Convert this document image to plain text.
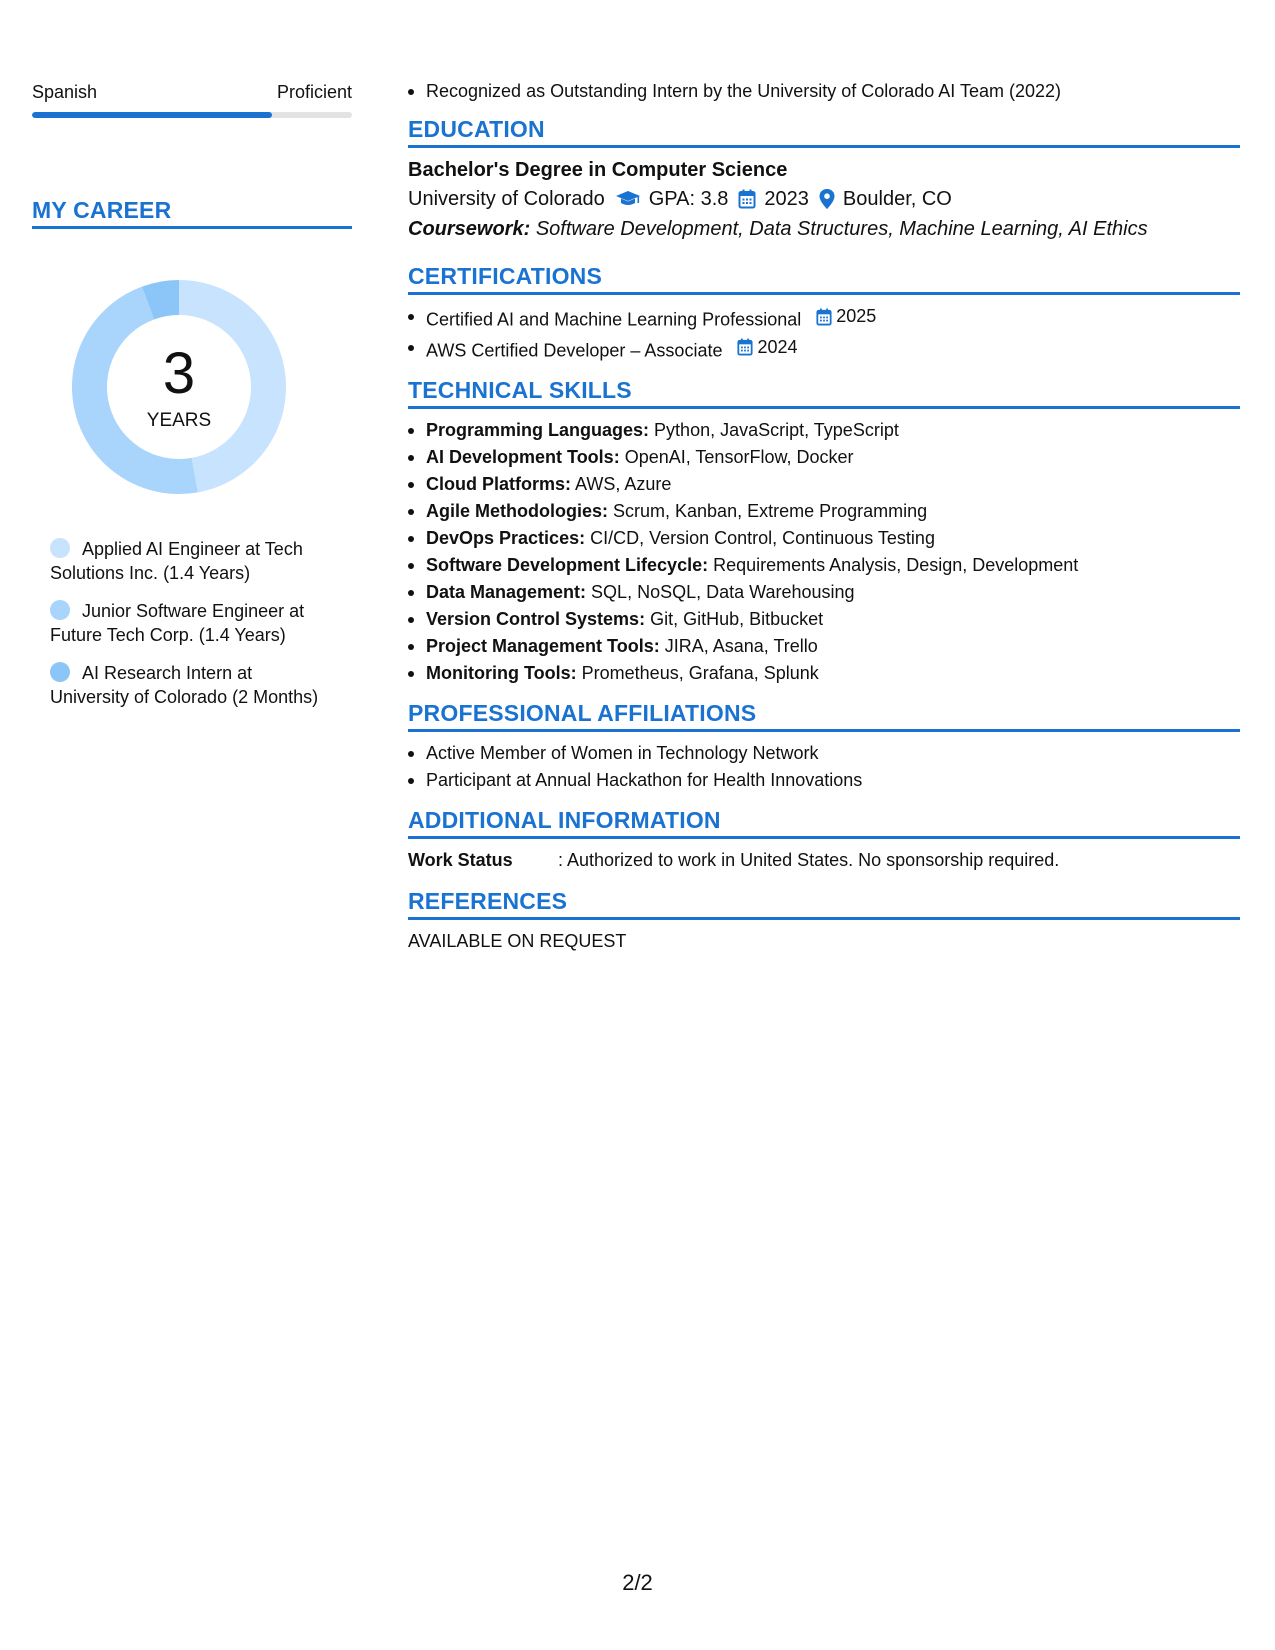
Spanish	Proficient
MY CAREER
3
YEARS
Applied AI Engineer at Tech Solutions Inc. (1.4 Years)
Junior Software Engineer at Future Tech Corp. (1.4 Years)
AI Research Intern at University of Colorado (2 Months)
Recognized as Outstanding Intern by the University of Colorado AI Team (2022)
EDUCATION
Bachelor's Degree in Computer Science
University of Colorado GPA: 3.8 2023 Boulder, CO
Coursework: Software Development, Data Structures, Machine Learning, AI Ethics
CERTIFICATIONS
Certified AI and Machine Learning Professional 2025
AWS Certified Developer – Associate 2024
TECHNICAL SKILLS
Programming Languages: Python, JavaScript, TypeScript
AI Development Tools: OpenAI, TensorFlow, Docker
Cloud Platforms: AWS, Azure
Agile Methodologies: Scrum, Kanban, Extreme Programming
DevOps Practices: CI/CD, Version Control, Continuous Testing
Software Development Lifecycle: Requirements Analysis, Design, Development
Data Management: SQL, NoSQL, Data Warehousing
Version Control Systems: Git, GitHub, Bitbucket
Project Management Tools: JIRA, Asana, Trello
Monitoring Tools: Prometheus, Grafana, Splunk
PROFESSIONAL AFFILIATIONS
Active Member of Women in Technology Network
Participant at Annual Hackathon for Health Innovations
ADDITIONAL INFORMATION
Work Status	: Authorized to work in United States. No sponsorship required.
REFERENCES
AVAILABLE ON REQUEST
2/2
